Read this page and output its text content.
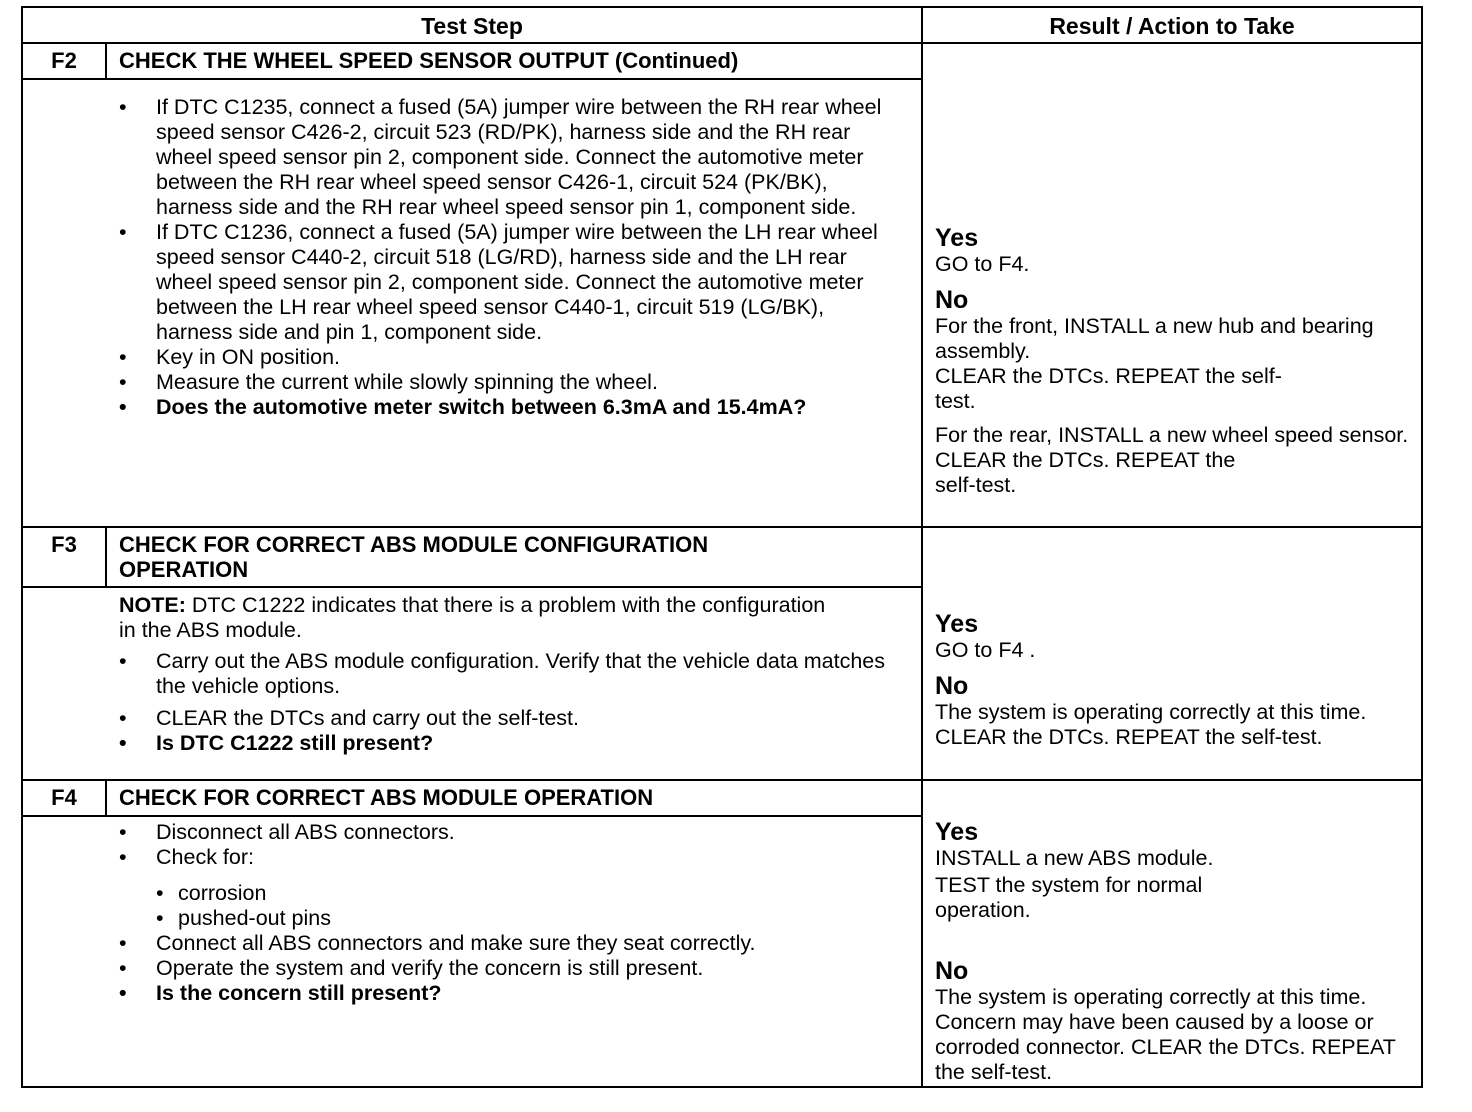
Test Step	Result / Action to Take
F2	CHECK THE WHEEL SPEED SENSOR OUTPUT (Continued)
• If DTC C1235, connect a fused (5A) jumper wire between the RH rear wheel speed sensor C426-2, circuit 523 (RD/PK), harness side and the RH rear wheel speed sensor pin 2, component side. Connect the automotive meter between the RH rear wheel speed sensor C426-1, circuit 524 (PK/BK), harness side and the RH rear wheel speed sensor pin 1, component side.
• If DTC C1236, connect a fused (5A) jumper wire between the LH rear wheel speed sensor C440-2, circuit 518 (LG/RD), harness side and the LH rear wheel speed sensor pin 2, component side. Connect the automotive meter between the LH rear wheel speed sensor C440-1, circuit 519 (LG/BK), harness side and pin 1, component side.
• Key in ON position.
• Measure the current while slowly spinning the wheel.
• Does the automotive meter switch between 6.3mA and 15.4mA?
Yes
GO to F4.
No
For the front, INSTALL a new hub and bearing assembly.
CLEAR the DTCs. REPEAT the self-test.
For the rear, INSTALL a new wheel speed sensor.
CLEAR the DTCs. REPEAT the self-test.
F3	CHECK FOR CORRECT ABS MODULE CONFIGURATION OPERATION
NOTE: DTC C1222 indicates that there is a problem with the configuration in the ABS module.
• Carry out the ABS module configuration. Verify that the vehicle data matches the vehicle options.
• CLEAR the DTCs and carry out the self-test.
• Is DTC C1222 still present?
Yes
GO to F4 .
No
The system is operating correctly at this time. CLEAR the DTCs. REPEAT the self-test.
F4	CHECK FOR CORRECT ABS MODULE OPERATION
• Disconnect all ABS connectors.
• Check for:
• corrosion
• pushed-out pins
• Connect all ABS connectors and make sure they seat correctly.
• Operate the system and verify the concern is still present.
• Is the concern still present?
Yes
INSTALL a new ABS module.
TEST the system for normal operation.
No
The system is operating correctly at this time. Concern may have been caused by a loose or corroded connector. CLEAR the DTCs. REPEAT the self-test.
